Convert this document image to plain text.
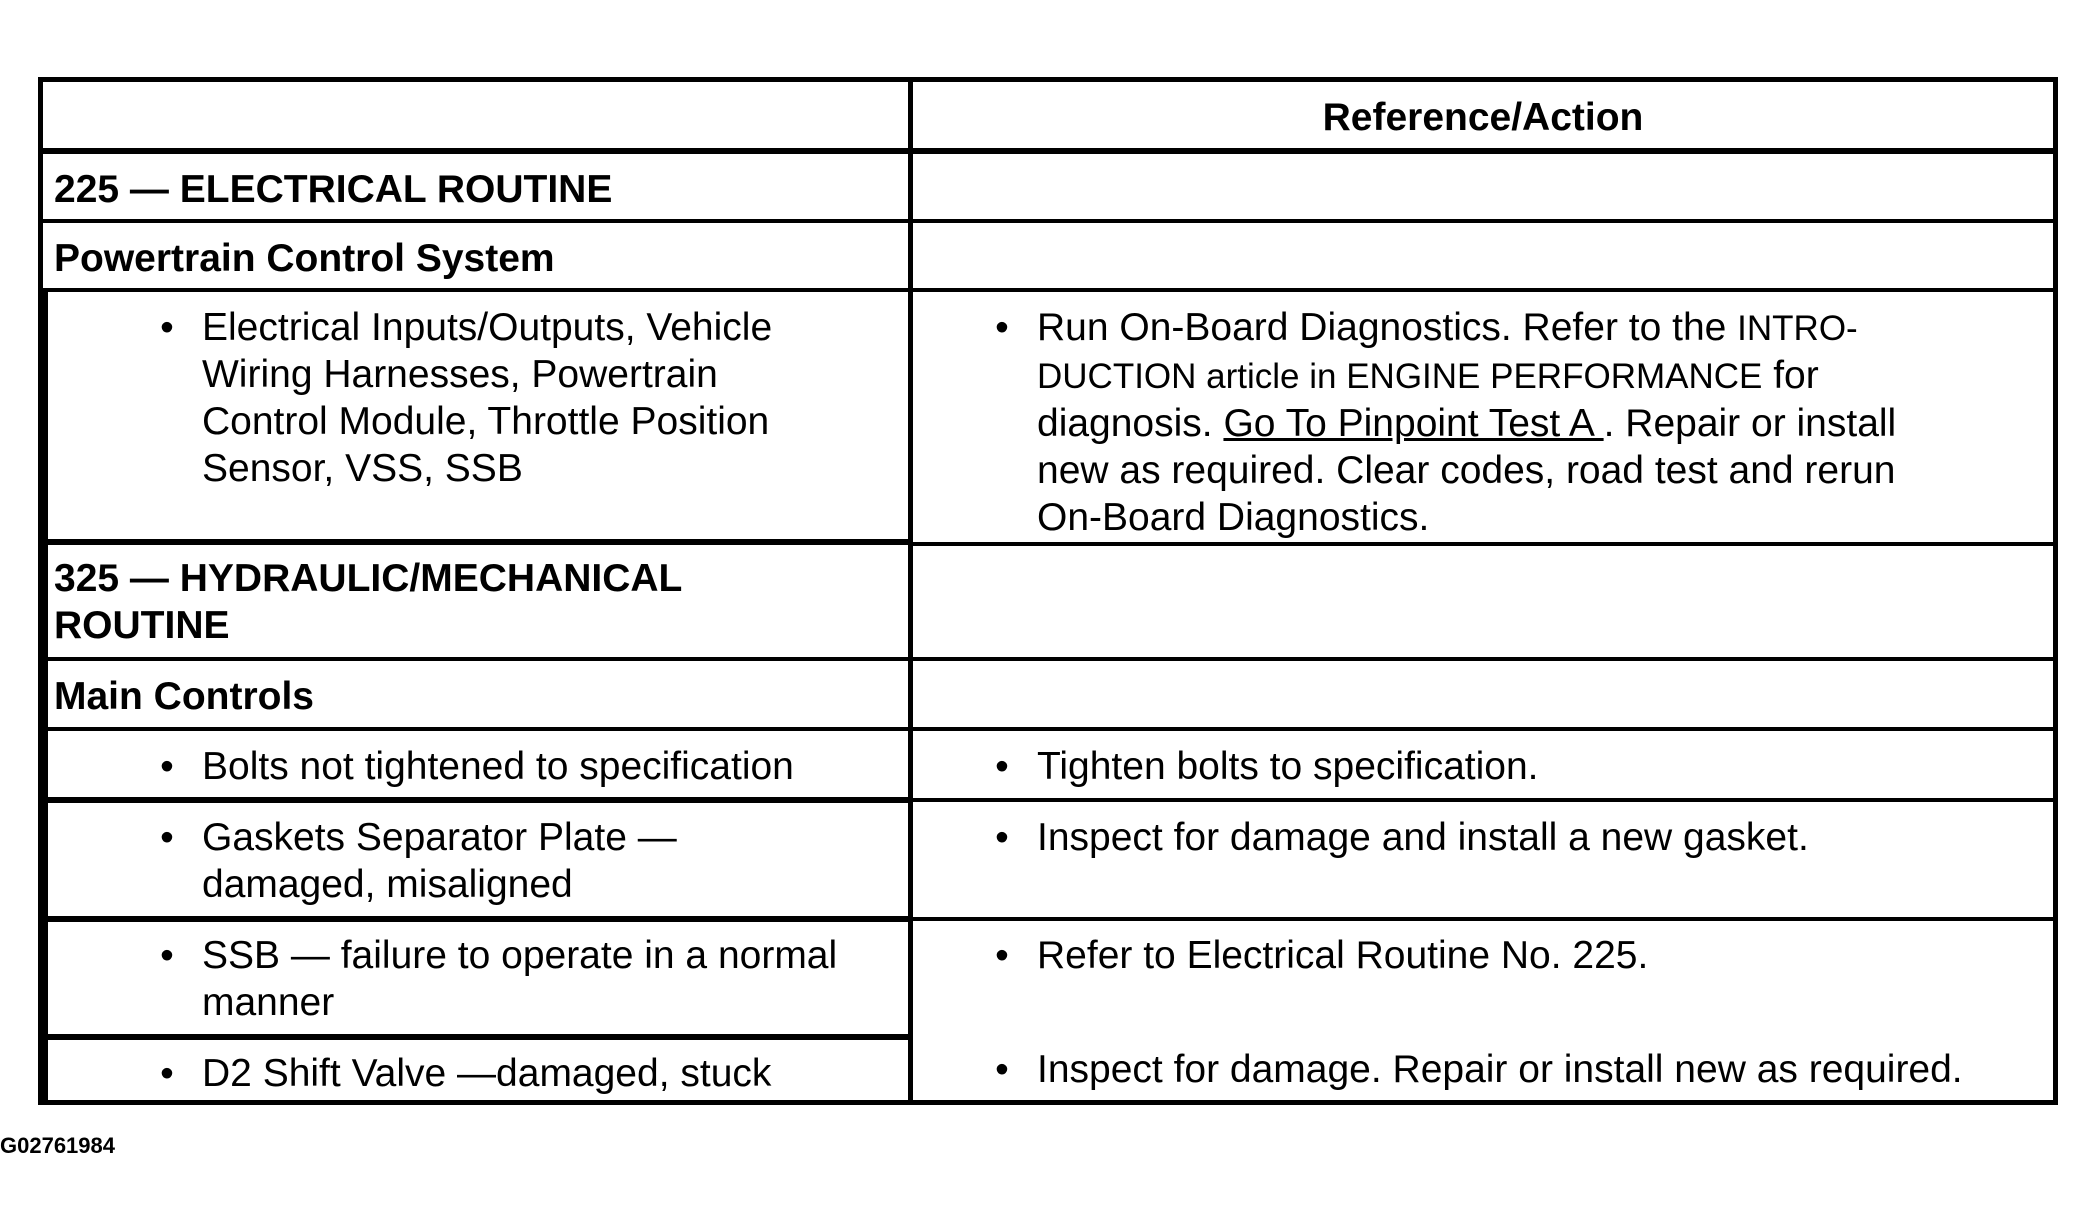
Reference/Action
225 — ELECTRICAL ROUTINE
Powertrain Control System
• Electrical Inputs/Outputs, Vehicle
Wiring Harnesses, Powertrain
Control Module, Throttle Position
Sensor, VSS, SSB
• Run On-Board Diagnostics. Refer to the INTRO-
DUCTION article in ENGINE PERFORMANCE for
diagnosis. Go To Pinpoint Test A . Repair or install
new as required. Clear codes, road test and rerun
On-Board Diagnostics.
325 — HYDRAULIC/MECHANICAL
ROUTINE
Main Controls
• Bolts not tightened to specification	• Tighten bolts to specification.
• Gaskets Separator Plate —
damaged, misaligned
• Inspect for damage and install a new gasket.
• SSB — failure to operate in a normal
manner
• Refer to Electrical Routine No. 225.
• D2 Shift Valve —damaged, stuck	• Inspect for damage. Repair or install new as required.
G02761984
